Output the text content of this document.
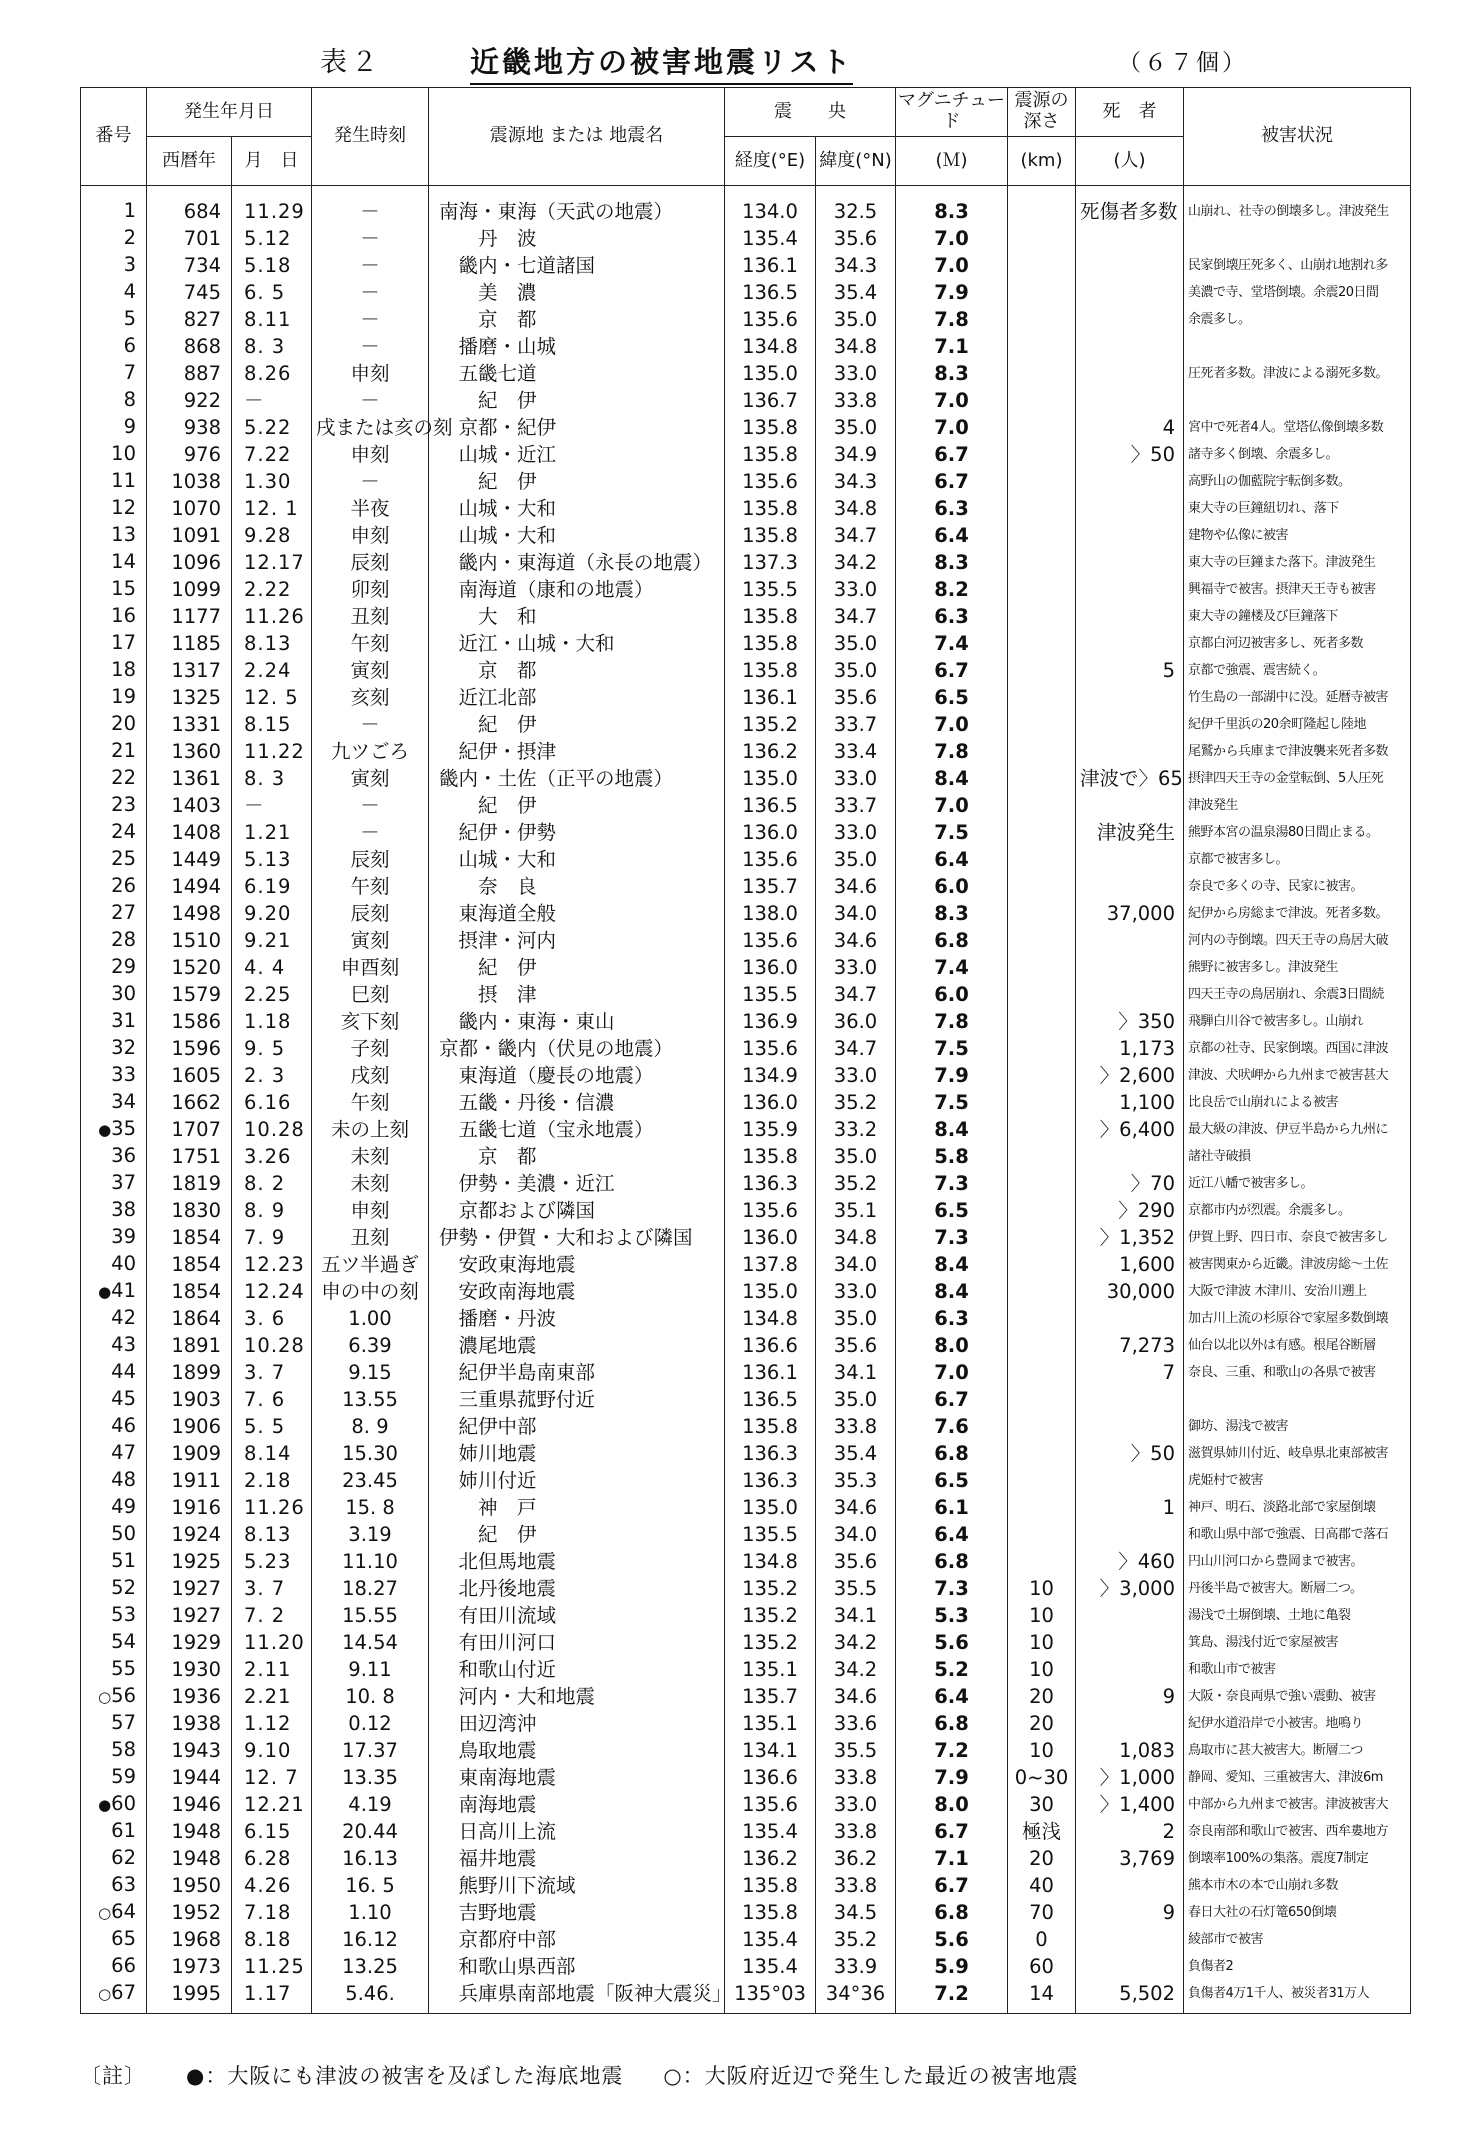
表２	近畿地方の被害地震リスト	（６７個）
番号	発生年月日		発生時刻	震源地 または 地震名	震　　央		マグニチュード	震源の深さ	死　者	被害状況
	西暦年	月　日			経度(°E)	緯度(°N)	(Ｍ)	(km)	(人)	
1	684	11.29	－	南海・東海（天武の地震）	134.0	32.5	8.3		死傷者多数	山崩れ、社寺の倒壊多し。津波発生
2	701	5.12	－	　　丹　波	135.4	35.6	7.0			
3	734	5.18	－	　畿内・七道諸国	136.1	34.3	7.0			民家倒壊圧死多く、山崩れ地割れ多
4	745	6. 5	－	　　美　濃	136.5	35.4	7.9			美濃で寺、堂塔倒壊。余震20日間
5	827	8.11	－	　　京　都	135.6	35.0	7.8			余震多し。
6	868	8. 3	－	　播磨・山城	134.8	34.8	7.1			
7	887	8.26	申刻	　五畿七道	135.0	33.0	8.3			圧死者多数。津波による溺死多数。
8	922	－	－	　　紀　伊	136.7	33.8	7.0			
9	938	5.22	戌または亥の刻	　京都・紀伊	135.8	35.0	7.0		4	宮中で死者4人。堂塔仏像倒壊多数
10	976	7.22	申刻	　山城・近江	135.8	34.9	6.7		〉50	諸寺多く倒壊、余震多し。
11	1038	1.30	－	　　紀　伊	135.6	34.3	6.7			高野山の伽藍院宇転倒多数。
12	1070	12. 1	半夜	　山城・大和	135.8	34.8	6.3			東大寺の巨鐘紐切れ、落下
13	1091	9.28	申刻	　山城・大和	135.8	34.7	6.4			建物や仏像に被害
14	1096	12.17	辰刻	　畿内・東海道（永長の地震）	137.3	34.2	8.3			東大寺の巨鐘また落下。津波発生
15	1099	2.22	卯刻	　南海道（康和の地震）	135.5	33.0	8.2			興福寺で被害。摂津天王寺も被害
16	1177	11.26	丑刻	　　大　和	135.8	34.7	6.3			東大寺の鐘楼及び巨鐘落下
17	1185	8.13	午刻	　近江・山城・大和	135.8	35.0	7.4			京都白河辺被害多し、死者多数
18	1317	2.24	寅刻	　　京　都	135.8	35.0	6.7		5	京都で強震、震害続く。
19	1325	12. 5	亥刻	　近江北部	136.1	35.6	6.5			竹生島の一部湖中に没。延暦寺被害
20	1331	8.15	－	　　紀　伊	135.2	33.7	7.0			紀伊千里浜の20余町隆起し陸地
21	1360	11.22	九ツごろ	　紀伊・摂津	136.2	33.4	7.8			尾鷲から兵庫まで津波襲来死者多数
22	1361	8. 3	寅刻	畿内・土佐（正平の地震）	135.0	33.0	8.4		津波で〉65	摂津四天王寺の金堂転倒、5人圧死
23	1403	－	－	　　紀　伊	136.5	33.7	7.0			津波発生
24	1408	1.21	－	　紀伊・伊勢	136.0	33.0	7.5		津波発生	熊野本宮の温泉湯80日間止まる。
25	1449	5.13	辰刻	　山城・大和	135.6	35.0	6.4			京都で被害多し。
26	1494	6.19	午刻	　　奈　良	135.7	34.6	6.0			奈良で多くの寺、民家に被害。
27	1498	9.20	辰刻	　東海道全般	138.0	34.0	8.3		37,000	紀伊から房総まで津波。死者多数。
28	1510	9.21	寅刻	　摂津・河内	135.6	34.6	6.8			河内の寺倒壊。四天王寺の鳥居大破
29	1520	4. 4	申酉刻	　　紀　伊	136.0	33.0	7.4			熊野に被害多し。津波発生
30	1579	2.25	巳刻	　　摂　津	135.5	34.7	6.0			四天王寺の鳥居崩れ、余震3日間続
31	1586	1.18	亥下刻	　畿内・東海・東山	136.9	36.0	7.8		〉350	飛騨白川谷で被害多し。山崩れ
32	1596	9. 5	子刻	京都・畿内（伏見の地震）	135.6	34.7	7.5		1,173	京都の社寺、民家倒壊。西国に津波
33	1605	2. 3	戌刻	　東海道（慶長の地震）	134.9	33.0	7.9		〉2,600	津波、犬吠岬から九州まで被害甚大
34	1662	6.16	午刻	　五畿・丹後・信濃	136.0	35.2	7.5		1,100	比良岳で山崩れによる被害
●35	1707	10.28	未の上刻	　五畿七道（宝永地震）	135.9	33.2	8.4		〉6,400	最大級の津波、伊豆半島から九州に
36	1751	3.26	未刻	　　京　都	135.8	35.0	5.8			諸社寺破損
37	1819	8. 2	未刻	　伊勢・美濃・近江	136.3	35.2	7.3		〉70	近江八幡で被害多し。
38	1830	8. 9	申刻	　京都および隣国	135.6	35.1	6.5		〉290	京都市内が烈震。余震多し。
39	1854	7. 9	丑刻	伊勢・伊賀・大和および隣国	136.0	34.8	7.3		〉1,352	伊賀上野、四日市、奈良で被害多し
40	1854	12.23	五ツ半過ぎ	　安政東海地震	137.8	34.0	8.4		1,600	被害関東から近畿。津波房総～土佐
●41	1854	12.24	申の中の刻	　安政南海地震	135.0	33.0	8.4		30,000	大阪で津波 木津川、安治川遡上
42	1864	3. 6	1.00	　播磨・丹波	134.8	35.0	6.3			加古川上流の杉原谷で家屋多数倒壊
43	1891	10.28	6.39	　濃尾地震	136.6	35.6	8.0		7,273	仙台以北以外は有感。根尾谷断層
44	1899	3. 7	9.15	　紀伊半島南東部	136.1	34.1	7.0		7	奈良、三重、和歌山の各県で被害
45	1903	7. 6	13.55	　三重県菰野付近	136.5	35.0	6.7			
46	1906	5. 5	8. 9	　紀伊中部	135.8	33.8	7.6			御坊、湯浅で被害
47	1909	8.14	15.30	　姉川地震	136.3	35.4	6.8		〉50	滋賀県姉川付近、岐阜県北東部被害
48	1911	2.18	23.45	　姉川付近	136.3	35.3	6.5			虎姫村で被害
49	1916	11.26	15. 8	　　神　戸	135.0	34.6	6.1		1	神戸、明石、淡路北部で家屋倒壊
50	1924	8.13	3.19	　　紀　伊	135.5	34.0	6.4			和歌山県中部で強震、日高郡で落石
51	1925	5.23	11.10	　北但馬地震	134.8	35.6	6.8		〉460	円山川河口から豊岡まで被害。
52	1927	3. 7	18.27	　北丹後地震	135.2	35.5	7.3	10	〉3,000	丹後半島で被害大。断層二つ。
53	1927	7. 2	15.55	　有田川流域	135.2	34.1	5.3	10		湯浅で土塀倒壊、土地に亀裂
54	1929	11.20	14.54	　有田川河口	135.2	34.2	5.6	10		箕島、湯浅付近で家屋被害
55	1930	2.11	9.11	　和歌山付近	135.1	34.2	5.2	10		和歌山市で被害
○56	1936	2.21	10. 8	　河内・大和地震	135.7	34.6	6.4	20	9	大阪・奈良両県で強い震動、被害
57	1938	1.12	0.12	　田辺湾沖	135.1	33.6	6.8	20		紀伊水道沿岸で小被害。地鳴り
58	1943	9.10	17.37	　鳥取地震	134.1	35.5	7.2	10	1,083	鳥取市に甚大被害大。断層二つ
59	1944	12. 7	13.35	　東南海地震	136.6	33.8	7.9	0~30	〉1,000	静岡、愛知、三重被害大、津波6m
●60	1946	12.21	4.19	　南海地震	135.6	33.0	8.0	30	〉1,400	中部から九州まで被害。津波被害大
61	1948	6.15	20.44	　日高川上流	135.4	33.8	6.7	極浅	2	奈良南部和歌山で被害、西牟婁地方
62	1948	6.28	16.13	　福井地震	136.2	36.2	7.1	20	3,769	倒壊率100%の集落。震度7制定
63	1950	4.26	16. 5	　熊野川下流域	135.8	33.8	6.7	40		熊本市木の本で山崩れ多数
○64	1952	7.18	1.10	　吉野地震	135.8	34.5	6.8	70	9	春日大社の石灯篭650倒壊
65	1968	8.18	16.12	　京都府中部	135.4	35.2	5.6	0		綾部市で被害
66	1973	11.25	13.25	　和歌山県西部	135.4	33.9	5.9	60		負傷者2
○67	1995	1.17	5.46.	　兵庫県南部地震「阪神大震災」	135°03	34°36	7.2	14	5,502	負傷者4万1千人、被災者31万人
〔註〕 ●：大阪にも津波の被害を及ぼした海底地震 ○：大阪府近辺で発生した最近の被害地震
